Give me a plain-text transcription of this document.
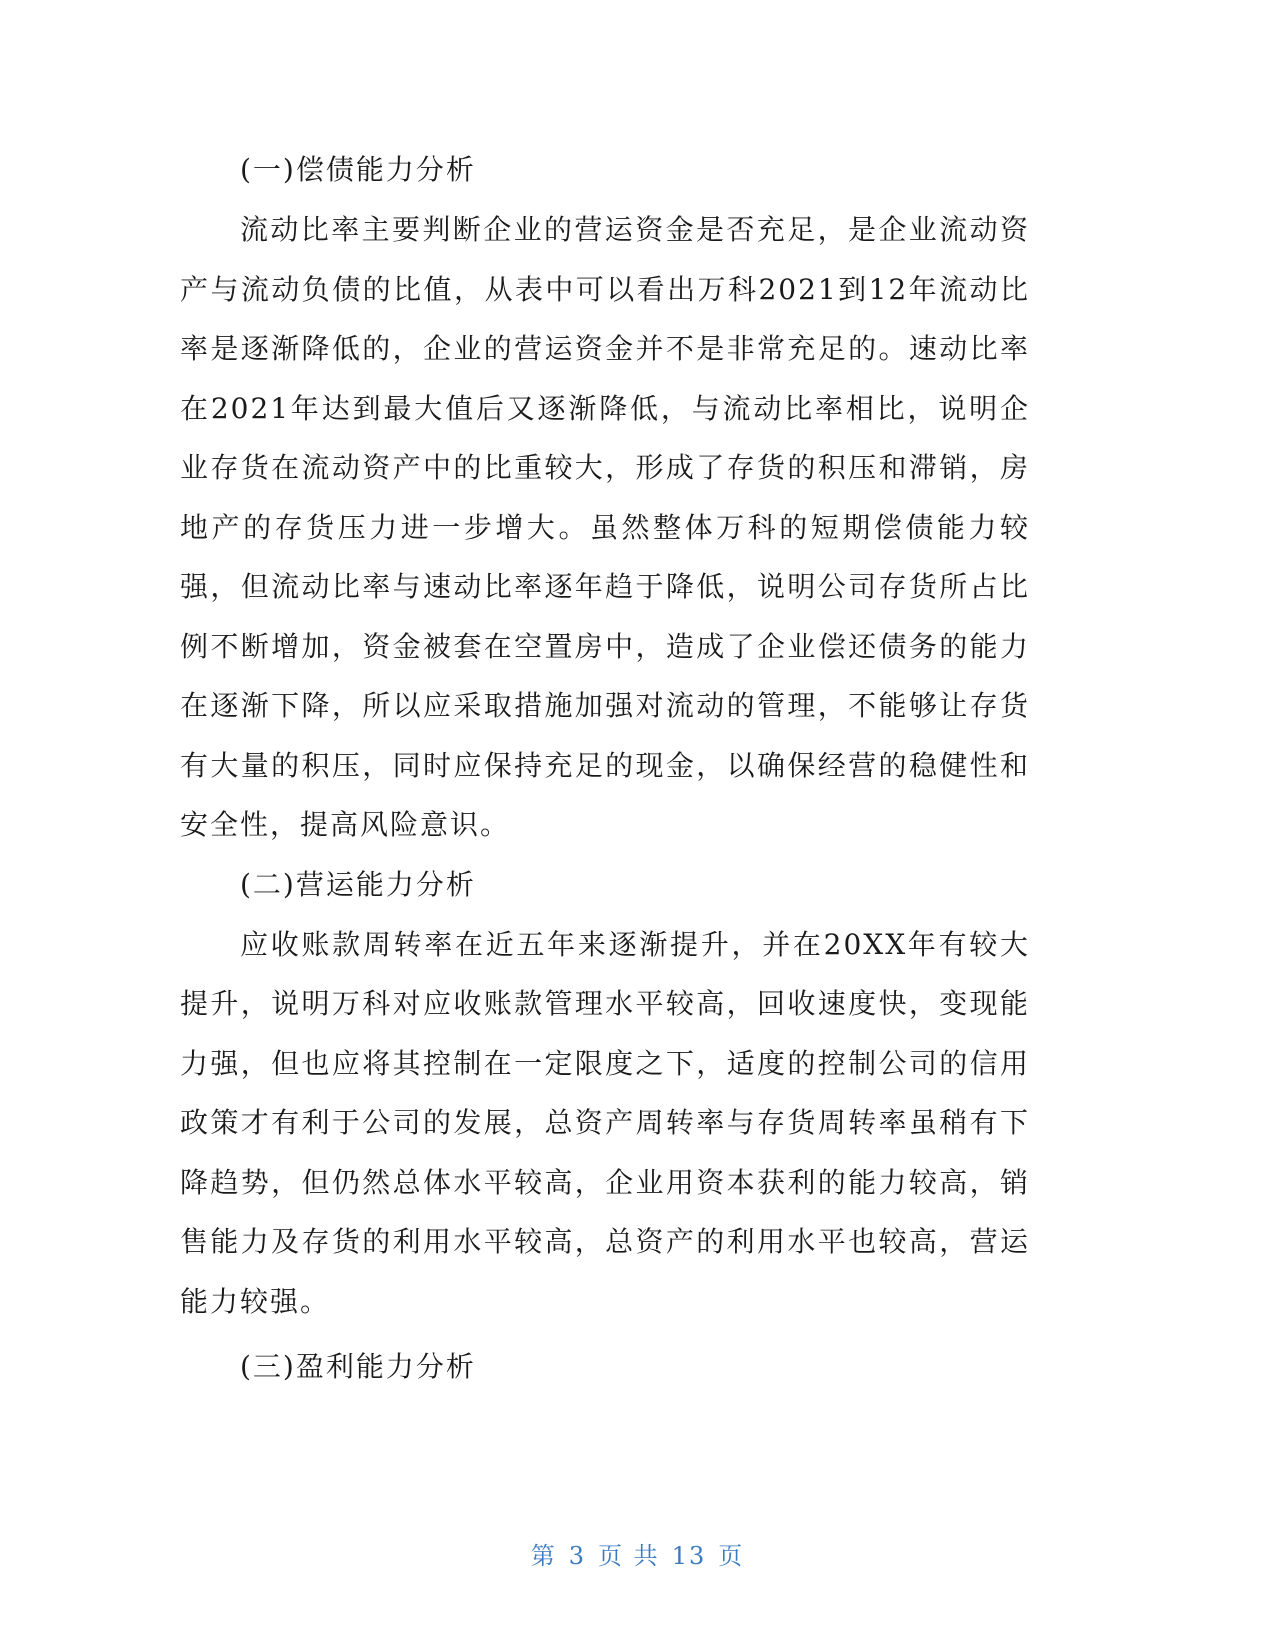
(一)偿债能力分析

流动比率主要判断企业的营运资金是否充足，是企业流动资产与流动负债的比值，从表中可以看出万科2021到12年流动比率是逐渐降低的，企业的营运资金并不是非常充足的。速动比率在2021年达到最大值后又逐渐降低，与流动比率相比，说明企业存货在流动资产中的比重较大，形成了存货的积压和滞销，房地产的存货压力进一步增大。虽然整体万科的短期偿债能力较强，但流动比率与速动比率逐年趋于降低，说明公司存货所占比例不断增加，资金被套在空置房中，造成了企业偿还债务的能力在逐渐下降，所以应采取措施加强对流动的管理，不能够让存货有大量的积压，同时应保持充足的现金，以确保经营的稳健性和安全性，提高风险意识。

(二)营运能力分析

应收账款周转率在近五年来逐渐提升，并在20XX年有较大提升，说明万科对应收账款管理水平较高，回收速度快，变现能力强，但也应将其控制在一定限度之下，适度的控制公司的信用政策才有利于公司的发展，总资产周转率与存货周转率虽稍有下降趋势，但仍然总体水平较高，企业用资本获利的能力较高，销售能力及存货的利用水平较高，总资产的利用水平也较高，营运能力较强。

(三)盈利能力分析

第 3 页 共 13 页
